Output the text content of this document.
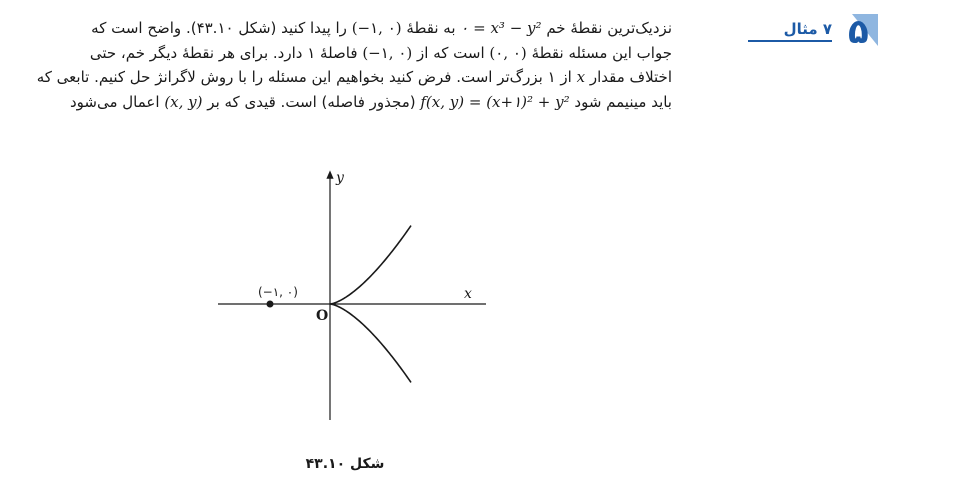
۷ مثال ۵

نزدیک‌ترین نقطهٔ خم ۰ = x³ − y² به نقطهٔ (−۱, ۰) را پیدا کنید (شکل ۴۳.۱۰). واضح است که

جواب این مسئله نقطهٔ (۰, ۰) است که از (−۱, ۰) فاصلهٔ ۱ دارد. برای هر نقطهٔ دیگر خم، حتی

اختلاف مقدار x از ۱ بزرگ‌تر است. فرض کنید بخواهیم این مسئله را با روش لاگرانژ حل کنیم. تابعی که

باید مینیمم شود f(x, y) = (x+۱)² + y² (مجذور فاصله) است. قیدی که بر (x, y) اعمال می‌شود

(−۱, ۰)
O
x
y
شکل ۴۳.۱۰
